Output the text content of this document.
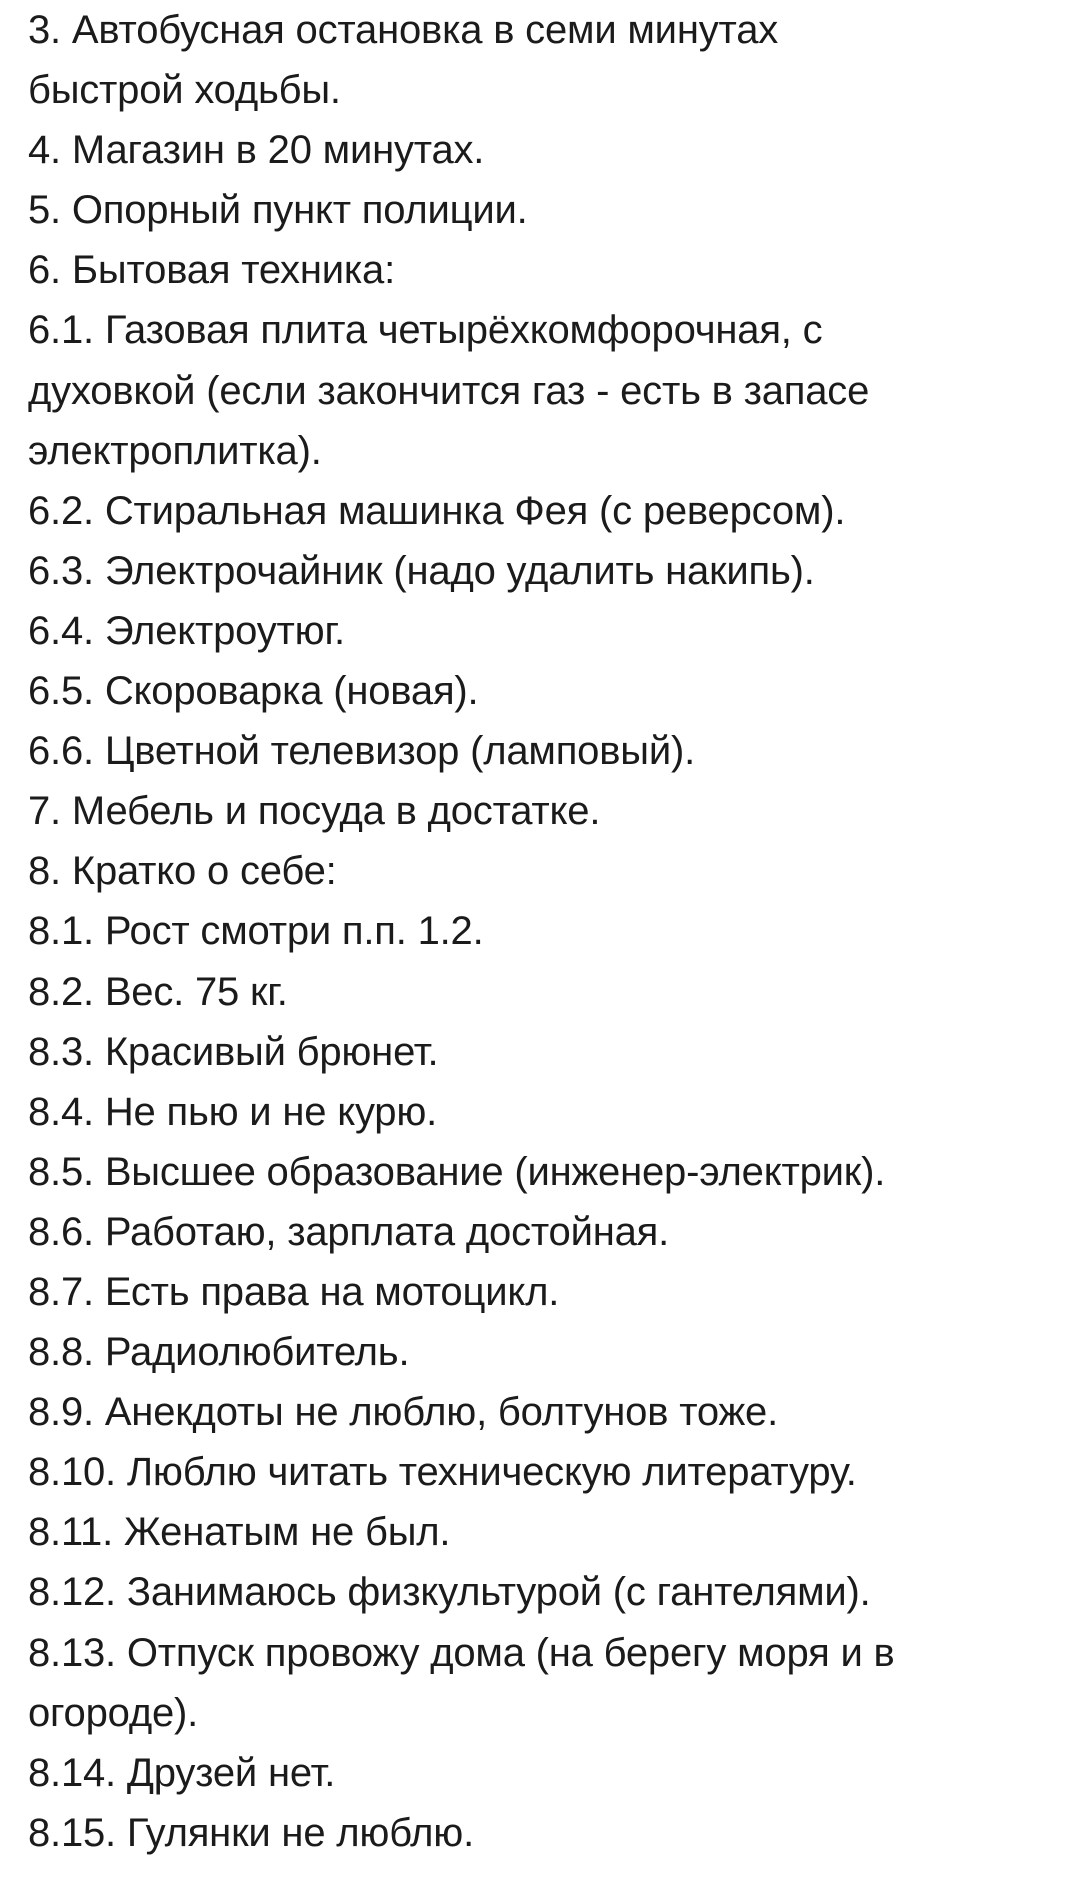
3. Автобусная остановка в семи минутах
быстрой ходьбы.
4. Магазин в 20 минутах.
5. Опорный пункт полиции.
6. Бытовая техника:
6.1. Газовая плита четырёхкомфорочная, с
духовкой (если закончится газ - есть в запасе
электроплитка).
6.2. Стиральная машинка Фея (с реверсом).
6.3. Электрочайник (надо удалить накипь).
6.4. Электроутюг.
6.5. Скороварка (новая).
6.6. Цветной телевизор (ламповый).
7. Мебель и посуда в достатке.
8. Кратко о себе:
8.1. Рост смотри п.п. 1.2.
8.2. Вес. 75 кг.
8.3. Красивый брюнет.
8.4. Не пью и не курю.
8.5. Высшее образование (инженер-электрик).
8.6. Работаю, зарплата достойная.
8.7. Есть права на мотоцикл.
8.8. Радиолюбитель.
8.9. Анекдоты не люблю, болтунов тоже.
8.10. Люблю читать техническую литературу.
8.11. Женатым не был.
8.12. Занимаюсь физкультурой (с гантелями).
8.13. Отпуск провожу дома (на берегу моря и в
огороде).
8.14. Друзей нет.
8.15. Гулянки не люблю.
